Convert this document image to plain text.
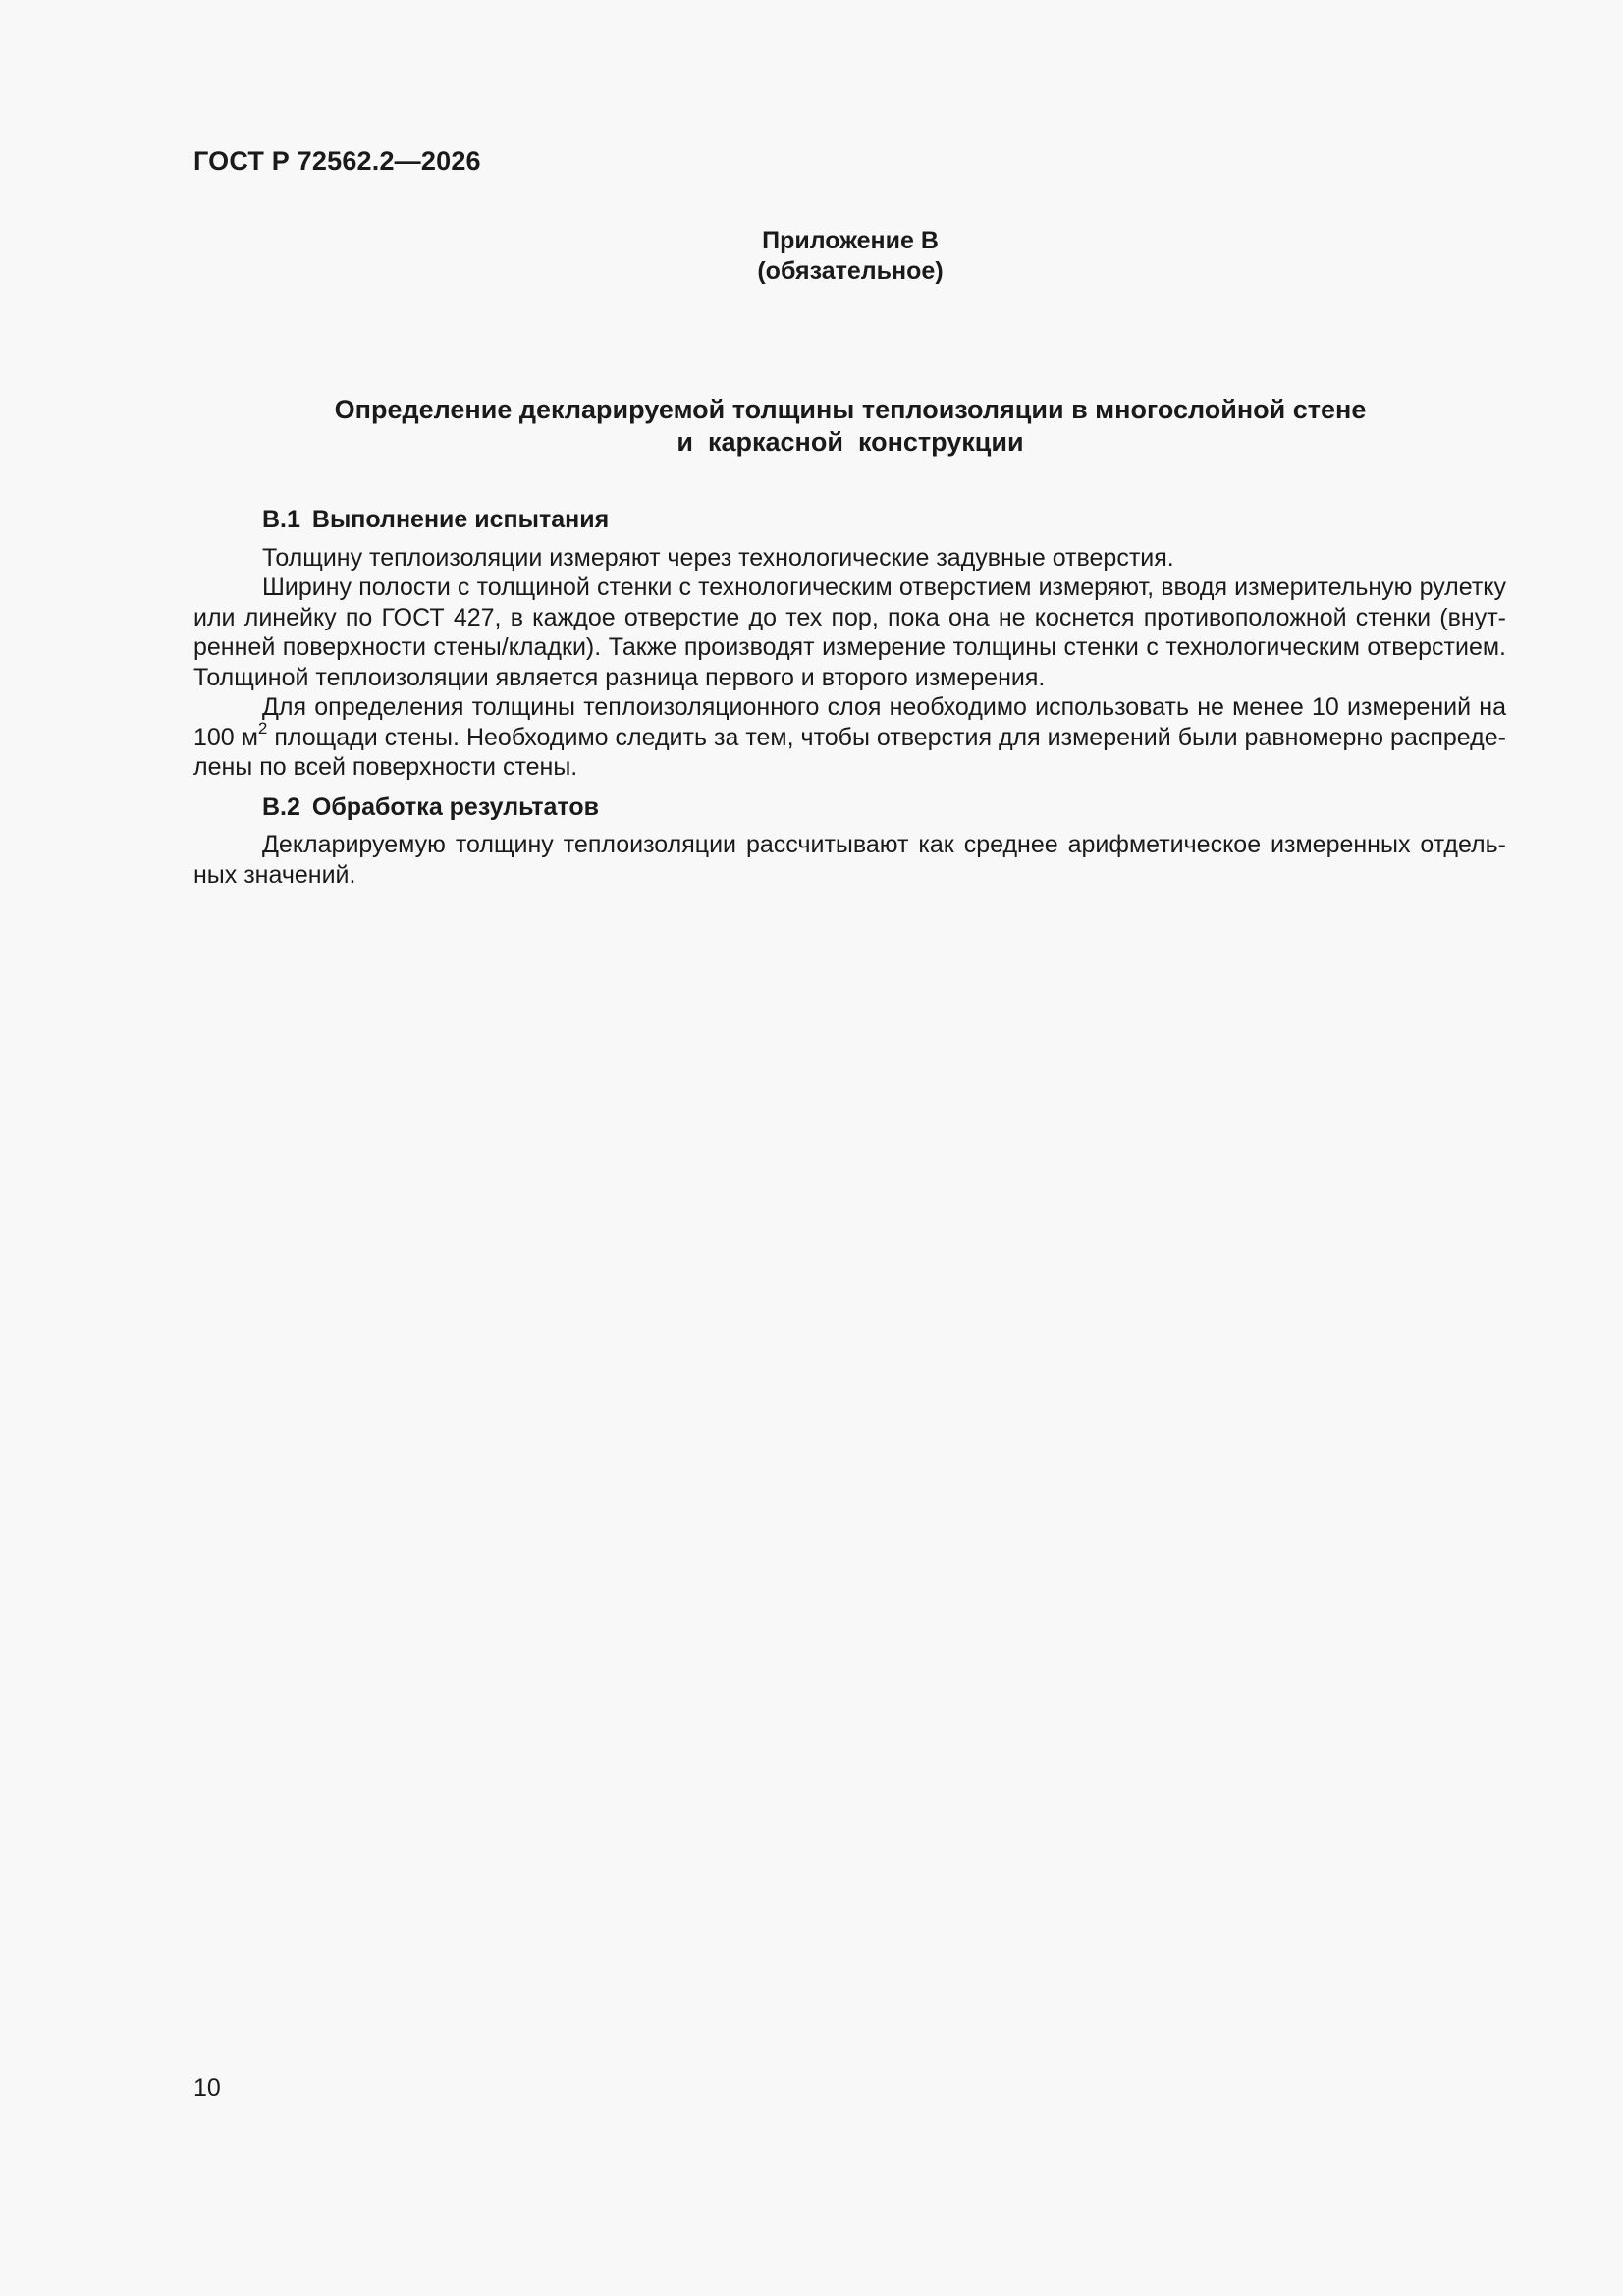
ГОСТ Р 72562.2—2026
Приложение В
(обязательное)
Определение декларируемой толщины теплоизоляции в многослойной стене
и  каркасной  конструкции
В.1 Выполнение испытания

Толщину теплоизоляции измеряют через технологические задувные отверстия.

Ширину полости с толщиной стенки с технологическим отверстием измеряют, вводя измерительную рулетку или линейку по ГОСТ 427, в каждое отверстие до тех пор, пока она не коснется противоположной стенки (внут-ренней поверхности стены/кладки). Также производят измерение толщины стенки с технологическим отверстием. Толщиной теплоизоляции является разница первого и второго измерения.

Для определения толщины теплоизоляционного слоя необходимо использовать не менее 10 измерений на 100 $м^2$ площади стены. Необходимо следить за тем, чтобы отверстия для измерений были равномерно распреде-лены по всей поверхности стены.

В.2 Обработка результатов

Декларируемую толщину теплоизоляции рассчитывают как среднее арифметическое измеренных отдель-ных значений.

10
